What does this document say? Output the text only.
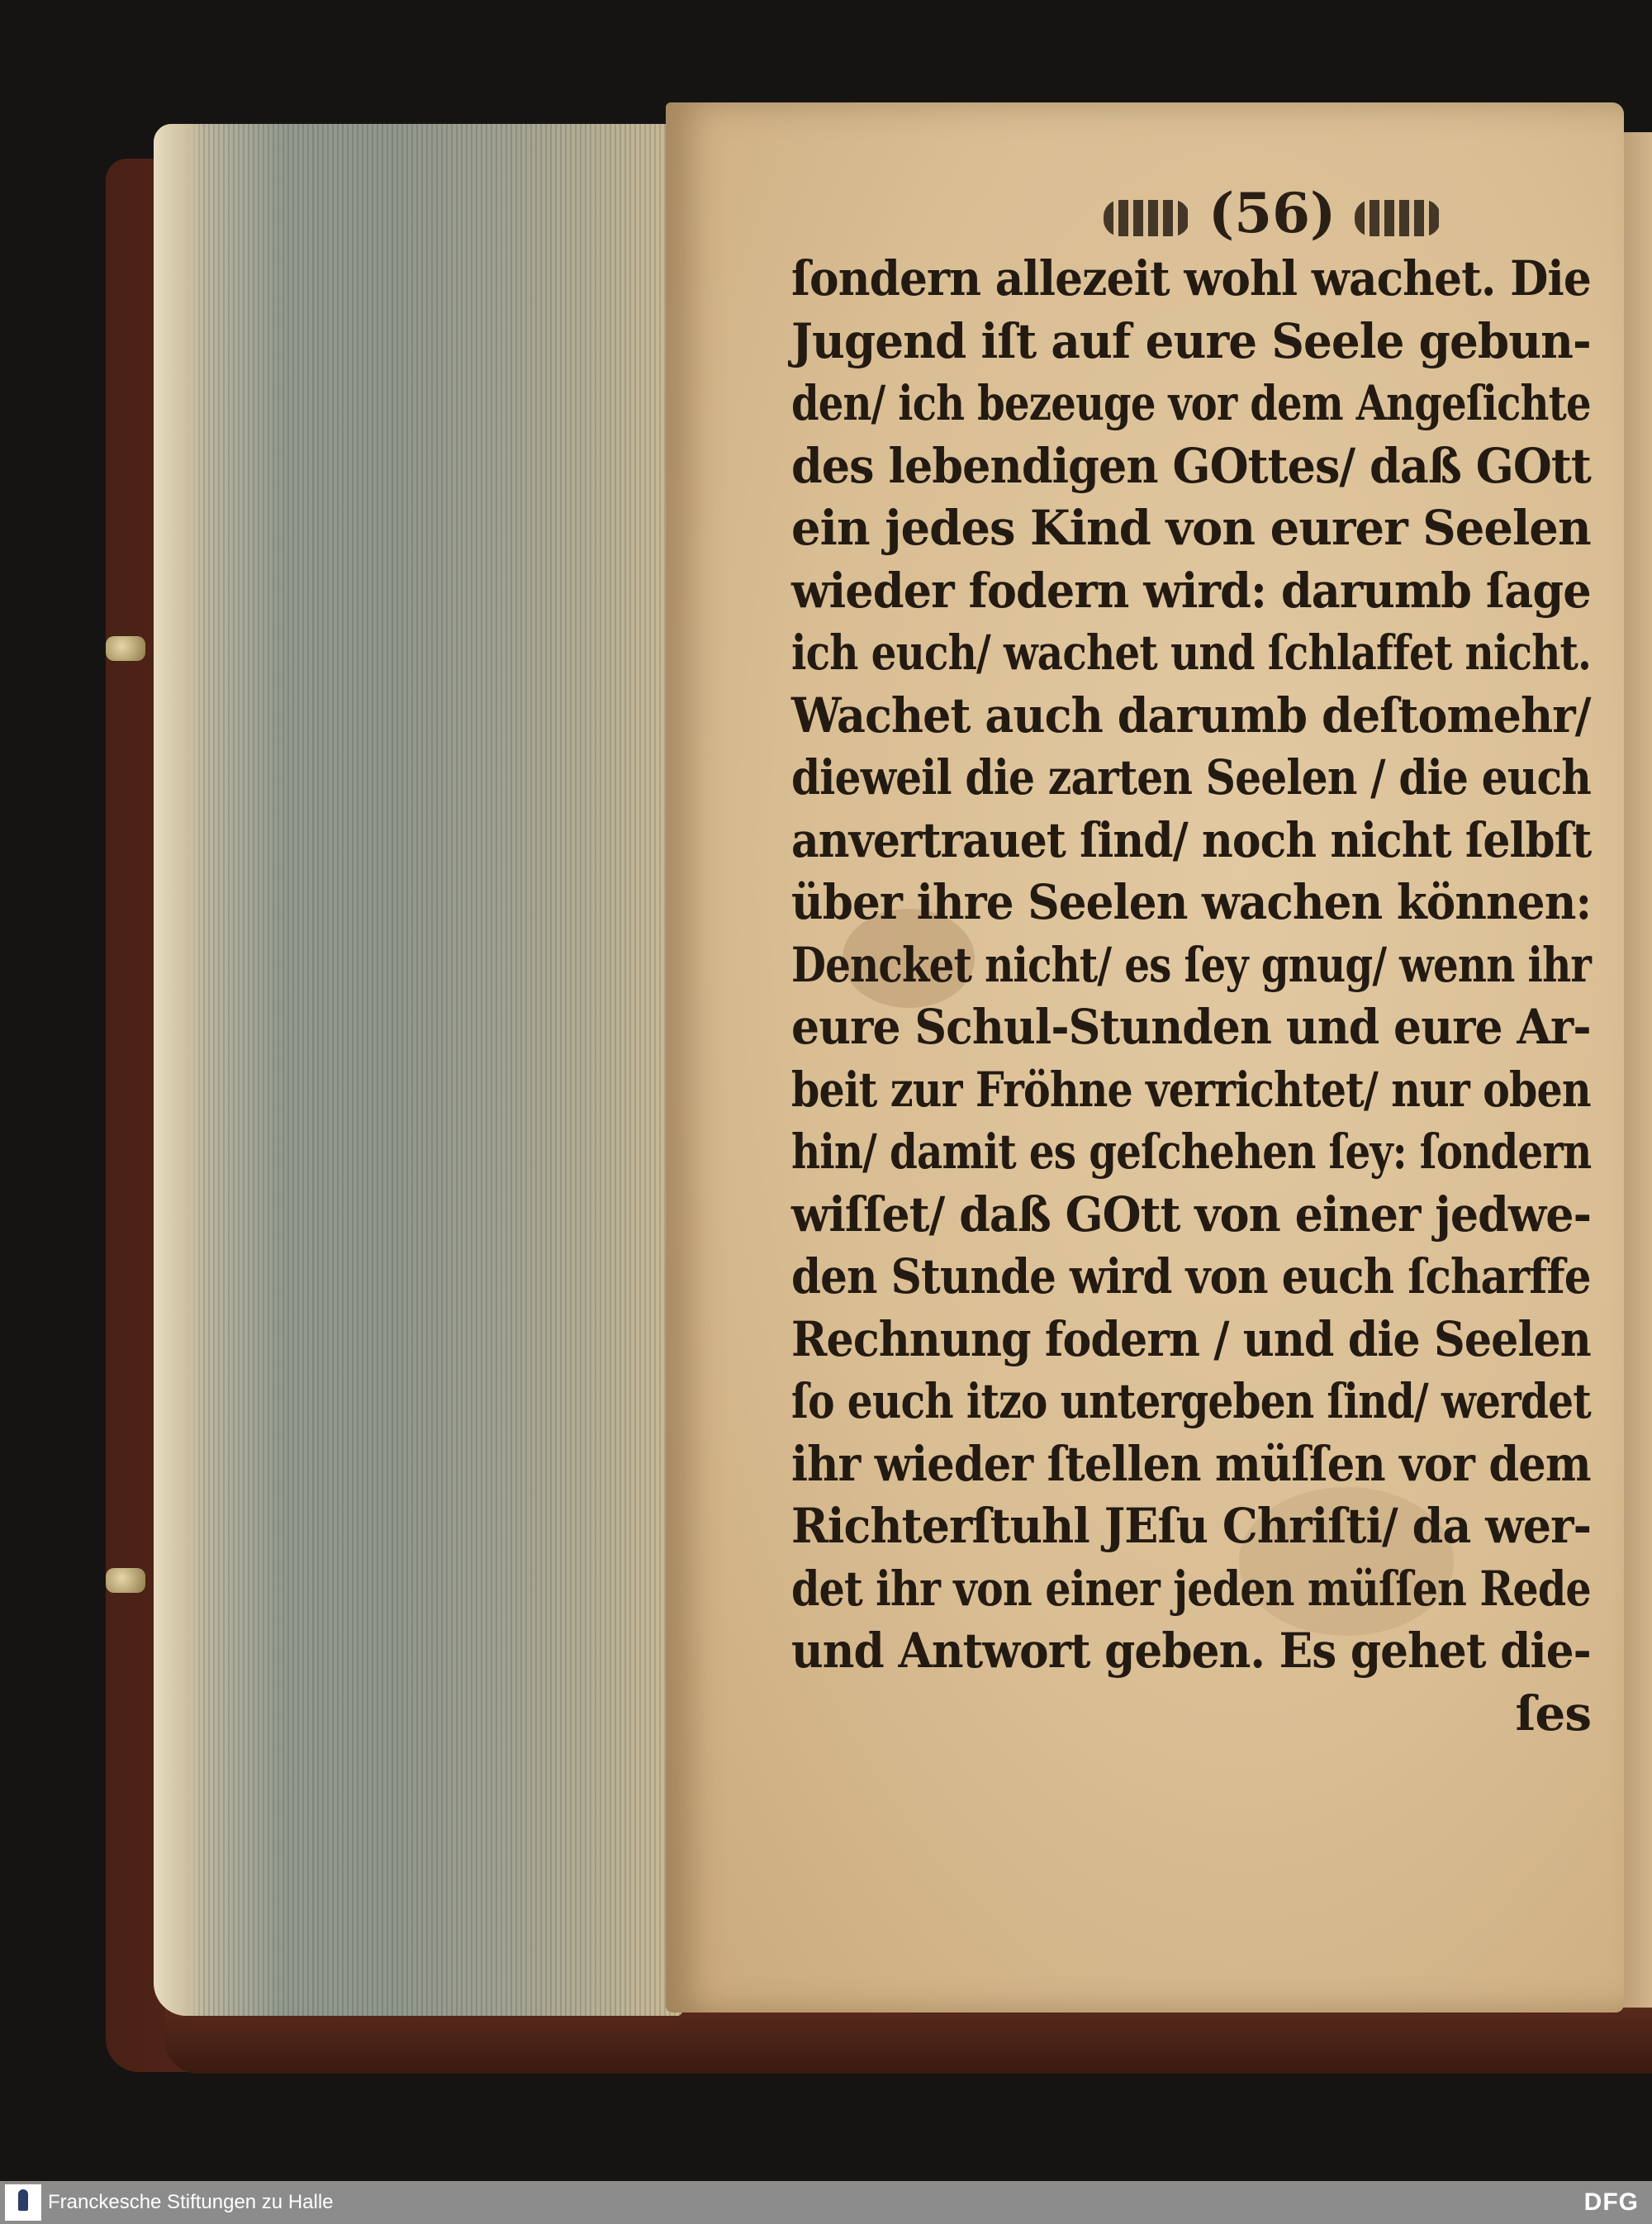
(56)
ſondern allezeit wohl wachet. Die
Jugend iſt auf eure Seele gebun-
den/ ich bezeuge vor dem Angeſichte
des lebendigen GOttes/ daß GOtt
ein jedes Kind von eurer Seelen
wieder fodern wird: darumb ſage
ich euch/ wachet und ſchlaffet nicht.
Wachet auch darumb deſtomehr/
dieweil die zarten Seelen / die euch
anvertrauet ſind/ noch nicht ſelbſt
über ihre Seelen wachen können:
Dencket nicht/ es ſey gnug/ wenn ihr
eure Schul-Stunden und eure Ar-
beit zur Fröhne verrichtet/ nur oben
hin/ damit es geſchehen ſey: ſondern
wiſſet/ daß GOtt von einer jedwe-
den Stunde wird von euch ſcharffe
Rechnung fodern / und die Seelen
ſo euch itzo untergeben ſind/ werdet
ihr wieder ſtellen müſſen vor dem
Richterſtuhl JEſu Chriſti/ da wer-
det ihr von einer jeden müſſen Rede
und Antwort geben. Es gehet die-
ſes
Franckesche Stiftungen zu Halle	DFG
